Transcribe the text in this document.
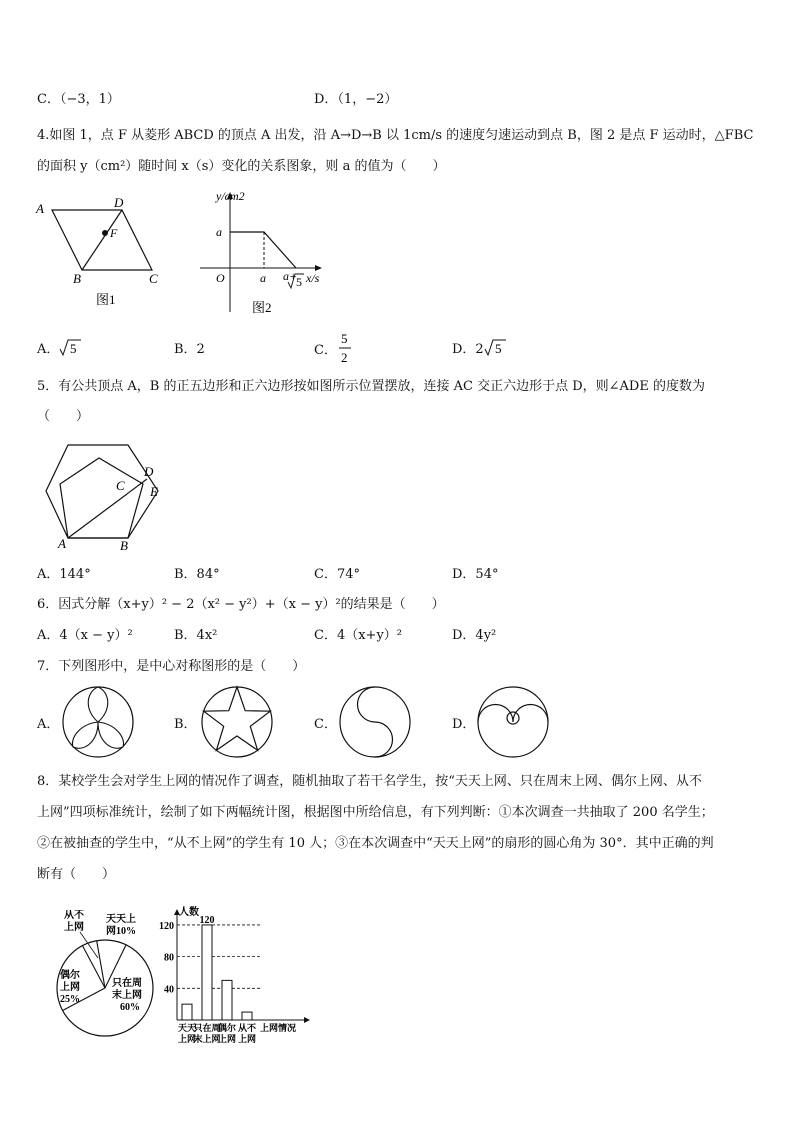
C．（−3，1）	D．（1，−2）
4.如图 1，点 F 从菱形 ABCD 的顶点 A 出发，沿 A→D→B 以 1cm/s 的速度匀速运动到点 B，图 2 是点 F 运动时，△FBC
的面积 y（cm²）随时间 x（s）变化的关系图象，则 a 的值为（　　）
A	D
F
B	C
图1
y/cm2
a
O	a a+
5 x/s
图2
A． 5	B．2	C．
5
2
D．2 5
5．有公共顶点 A，B 的正五边形和正六边形按如图所示位置摆放，连接 AC 交正六边形于点 D，则∠ADE 的度数为
（　　）
A	B
C
D
E
A．144°	B．84°	C．74°	D．54°
6．因式分解（x+y）² − 2（x² − y²）+（x − y）²的结果是（　　）
A．4（x − y）²	B．4x²	C．4（x+y）²	D．4y²
7．下列图形中，是中心对称图形的是（　　）
A．	B．	C．	D．
8．某校学生会对学生上网的情况作了调查，随机抽取了若干名学生，按“天天上网、只在周末上网、偶尔上网、从不
上网”四项标准统计，绘制了如下两幅统计图，根据图中所给信息，有下列判断：①本次调查一共抽取了 200 名学生；
②在被抽查的学生中，“从不上网”的学生有 10 人；③在本次调查中“天天上网”的扇形的圆心角为 30°．其中正确的判
断有（　　）
从不
上网
天天上
网10%
偶尔
上网
25%
只在周
末上网
60%
人数
120
80
40
天天
上网
只在周
末上网
偶尔
上网
从不
上网
120
上网情况
